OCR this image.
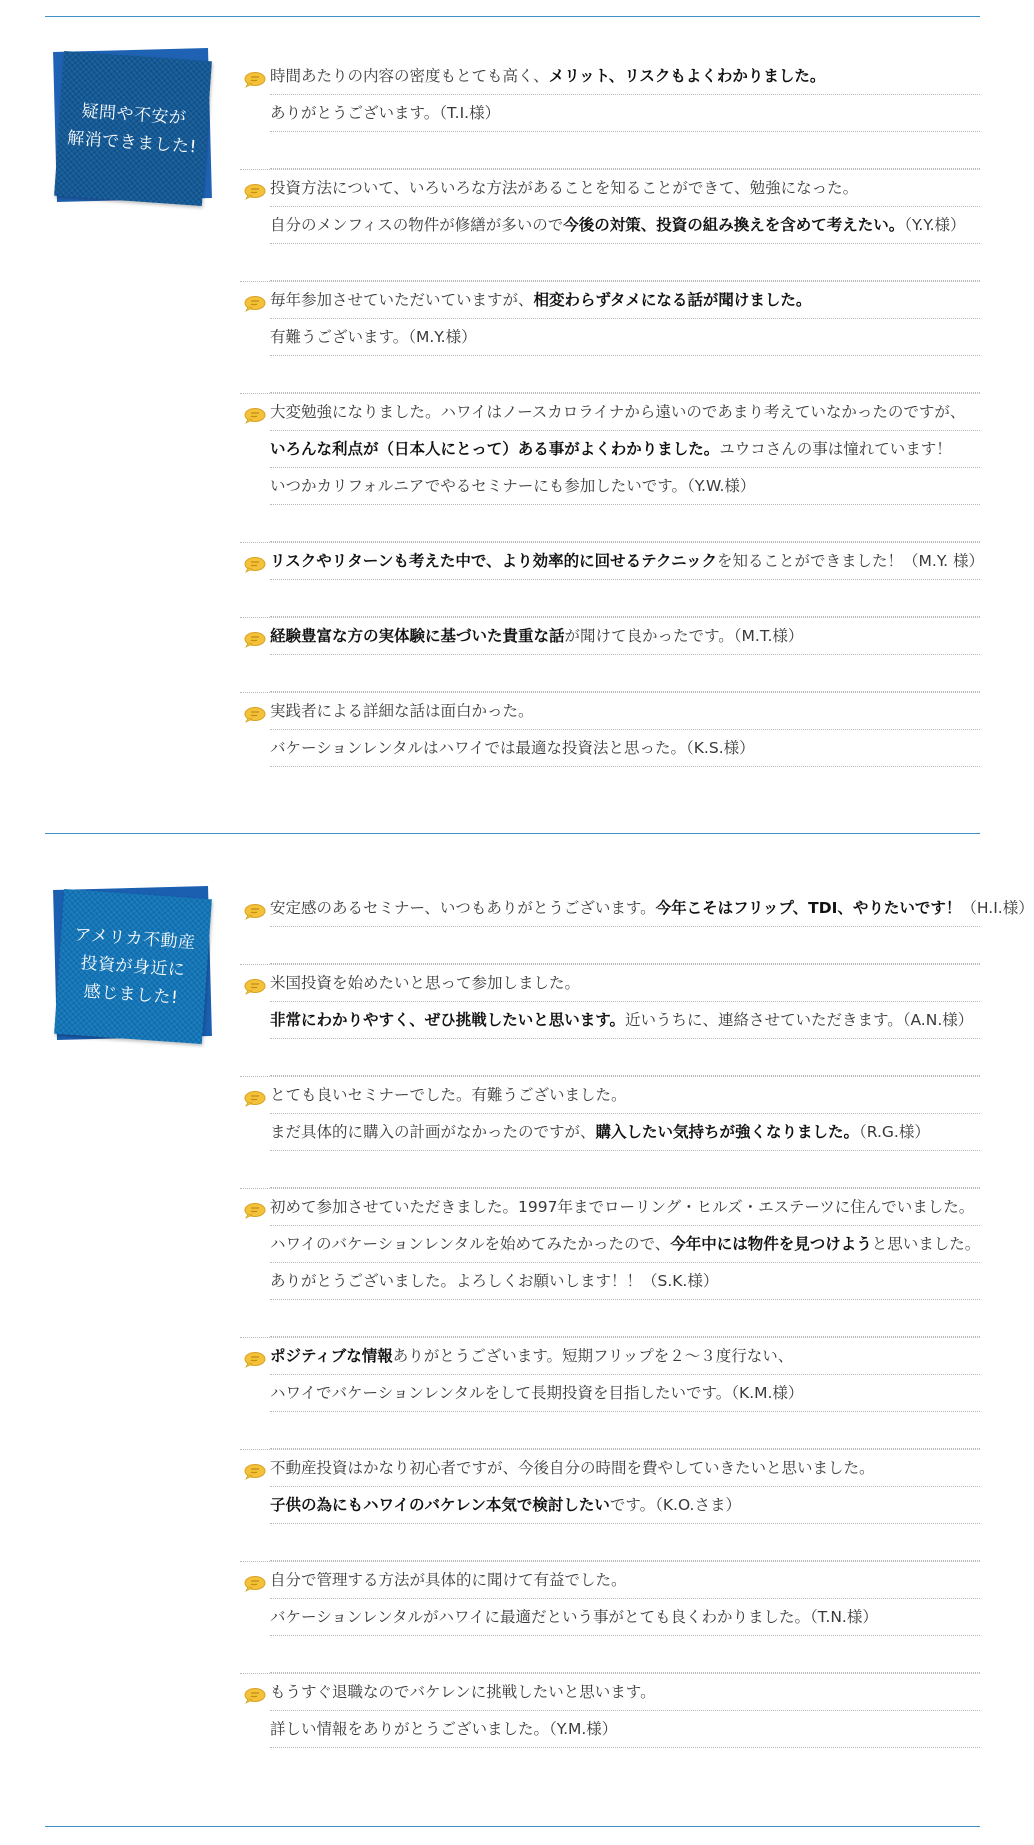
疑問や不安が
解消できました!
時間あたりの内容の密度もとても高く、メリット、リスクもよくわかりました。
ありがとうございます。（T.I.様）
投資方法について、いろいろな方法があることを知ることができて、勉強になった。
自分のメンフィスの物件が修繕が多いので今後の対策、投資の組み換えを含めて考えたい。（Y.Y.様）
毎年参加させていただいていますが、相変わらずタメになる話が聞けました。
有難うございます。（M.Y.様）
大変勉強になりました。ハワイはノースカロライナから遠いのであまり考えていなかったのですが、
いろんな利点が（日本人にとって）ある事がよくわかりました。ユウコさんの事は憧れています！
いつかカリフォルニアでやるセミナーにも参加したいです。（Y.W.様）
リスクやリターンも考えた中で、より効率的に回せるテクニックを知ることができました！（M.Y. 様）
経験豊富な方の実体験に基づいた貴重な話が聞けて良かったです。（M.T.様）
実践者による詳細な話は面白かった。
バケーションレンタルはハワイでは最適な投資法と思った。（K.S.様）
アメリカ不動産
投資が身近に
感じました!
安定感のあるセミナー、いつもありがとうございます。今年こそはフリップ、TDI、やりたいです！（H.I.様）
米国投資を始めたいと思って参加しました。
非常にわかりやすく、ぜひ挑戦したいと思います。近いうちに、連絡させていただきます。（A.N.様）
とても良いセミナーでした。有難うございました。
まだ具体的に購入の計画がなかったのですが、購入したい気持ちが強くなりました。（R.G.様）
初めて参加させていただきました。1997年までローリング・ヒルズ・エステーツに住んでいました。
ハワイのバケーションレンタルを始めてみたかったので、今年中には物件を見つけようと思いました。
ありがとうございました。よろしくお願いします！！（S.K.様）
ポジティブな情報ありがとうございます。短期フリップを２〜３度行ない、
ハワイでバケーションレンタルをして長期投資を目指したいです。（K.M.様）
不動産投資はかなり初心者ですが、今後自分の時間を費やしていきたいと思いました。
子供の為にもハワイのバケレン本気で検討したいです。（K.O.さま）
自分で管理する方法が具体的に聞けて有益でした。
バケーションレンタルがハワイに最適だという事がとても良くわかりました。（T.N.様）
もうすぐ退職なのでバケレンに挑戦したいと思います。
詳しい情報をありがとうございました。（Y.M.様）
